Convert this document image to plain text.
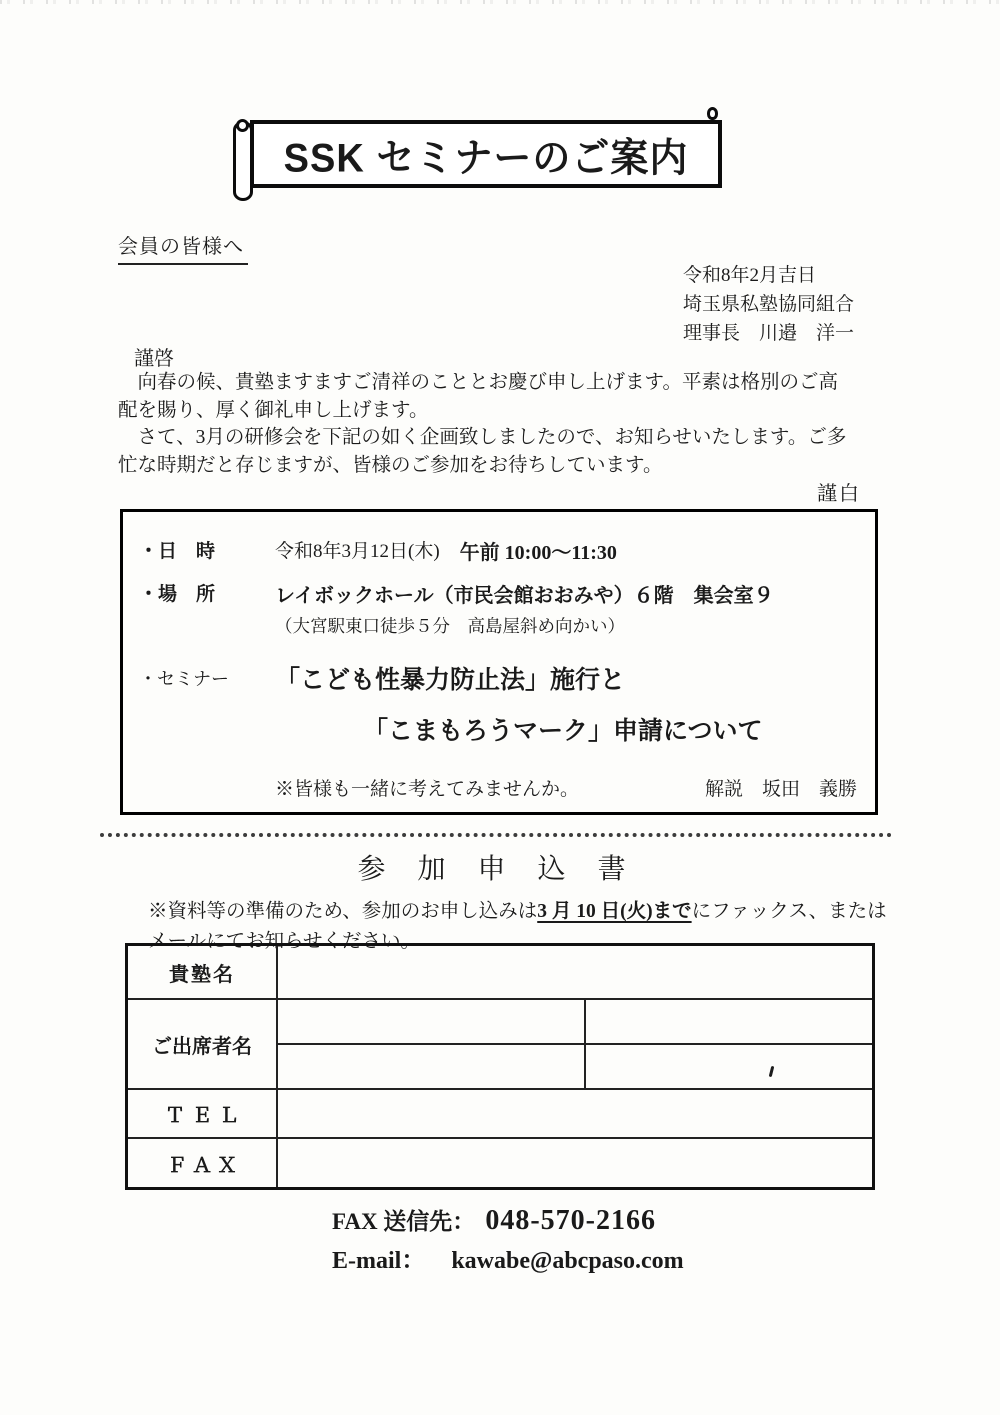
SSK セミナーのご案内
会員の皆様へ
令和8年2月吉日
埼玉県私塾協同組合
理事長　川邉　洋一
謹啓
　向春の候、貴塾ますますご清祥のこととお慶び申し上げます。平素は格別のご高
配を賜り、厚く御礼申し上げます。
　さて、3月の研修会を下記の如く企画致しましたので、お知らせいたします。ご多
忙な時期だと存じますが、皆様のご参加をお待ちしています。
謹白
・日　時	令和8年3月12日(木) 午前 10:00～11:30
・場　所	レイボックホール（市民会館おおみや）６階　集会室９
（大宮駅東口徒歩５分　高島屋斜め向かい）
・セミナー	「こども性暴力防止法」施行と
「こまもろうマーク」申請について
※皆様も一緒に考えてみませんか。	解説　坂田　義勝
参　加　申　込　書
※資料等の準備のため、参加のお申し込みは3 月 10 日(火)までにファックス、または
メールにてお知らせください。
貴塾名
ご出席者名
ＴＥＬ
ＦＡＸ
FAX 送信先： 048-570-2166
E-mail： kawabe@abcpaso.com
